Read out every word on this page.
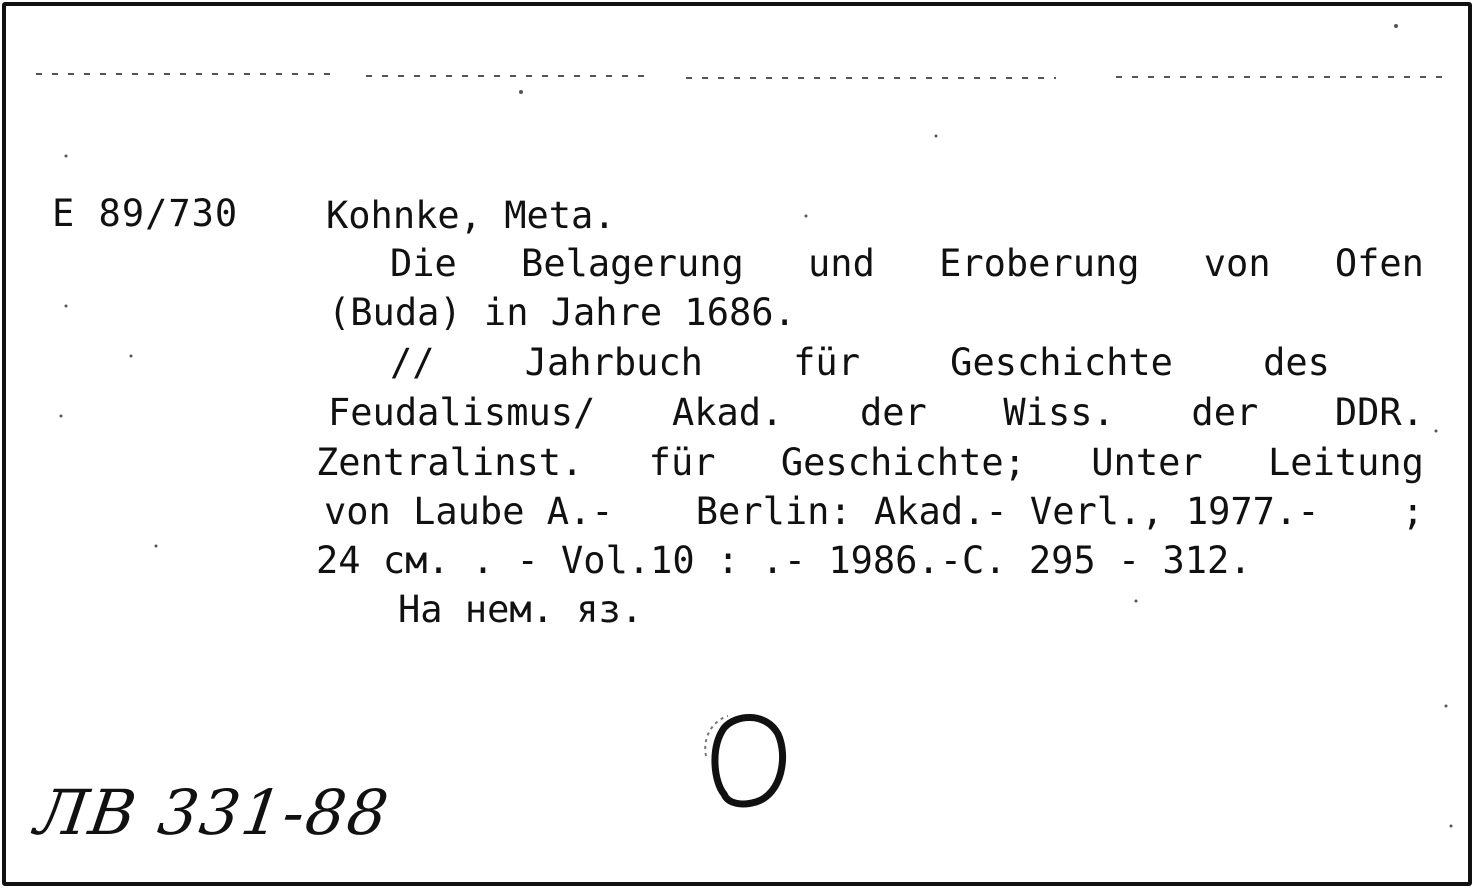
E 89/730 Kohnke, Meta.
Die Belagerung und Eroberung von Ofen
(Buda) in Jahre 1686.
// Jahrbuch für Geschichte des
Feudalismus/ Akad. der Wiss. der DDR.
Zentralinst. für Geschichte; Unter Leitung
von Laube A.- Berlin: Akad.- Verl., 1977.- ;
24 см. . - Vol.10 : .- 1986.-С. 295 - 312.
На нем. яз.
ЛВ 331-88
